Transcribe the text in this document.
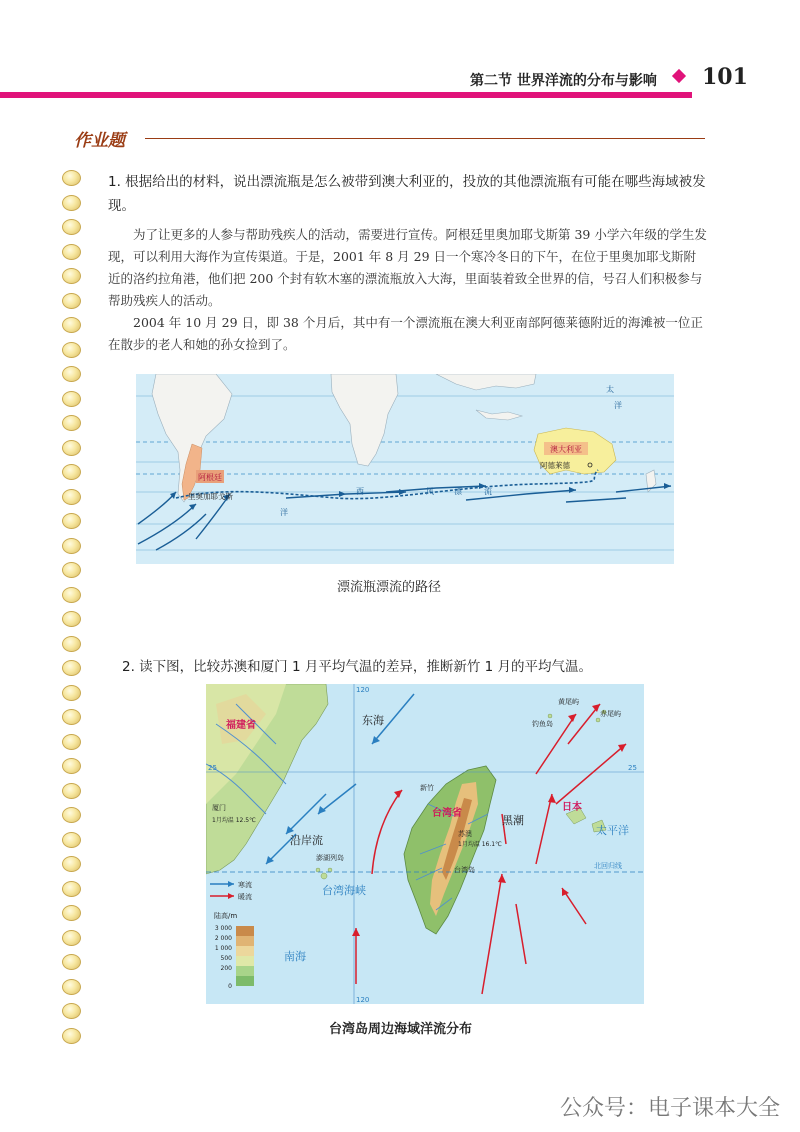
第二节 世界洋流的分布与影响 101
作业题
1. 根据给出的材料，说出漂流瓶是怎么被带到澳大利亚的，投放的其他漂流瓶有可能在哪些海域被发现。

为了让更多的人参与帮助残疾人的活动，需要进行宣传。阿根廷里奥加耶戈斯第 39 小学六年级的学生发现，可以利用大海作为宣传渠道。于是，2001 年 8 月 29 日一个寒冷冬日的下午，在位于里奥加耶戈斯附近的洛约拉角港，他们把 200 个封有软木塞的漂流瓶放入大海，里面装着致全世界的信，号召人们积极参与帮助残疾人的活动。

2004 年 10 月 29 日，即 38 个月后，其中有一个漂流瓶在澳大利亚南部阿德莱德附近的海滩被一位正在散步的老人和她的孙女捡到了。

阿根廷
里奥加耶戈斯
澳大利亚
阿德莱德
太
洋
西	风	漂	流
洋
漂流瓶漂流的路径
2. 读下图，比较苏澳和厦门 1 月平均气温的差异，推断新竹 1 月的平均气温。
福建省
台湾省
日本
厦门
1月均温 12.5℃
苏澳
1月均温 16.1℃
新竹
澎湖列岛
台湾岛
钓鱼岛
黄尾屿
赤尾屿
北回归线
120
120
25	25
东海
沿岸流
台湾海峡
黑潮
太平洋
南海
寒流
暖流
陆高/m
3 000
2 000
1 000
500
200
0
台湾岛周边海域洋流分布
公众号：电子课本大全
